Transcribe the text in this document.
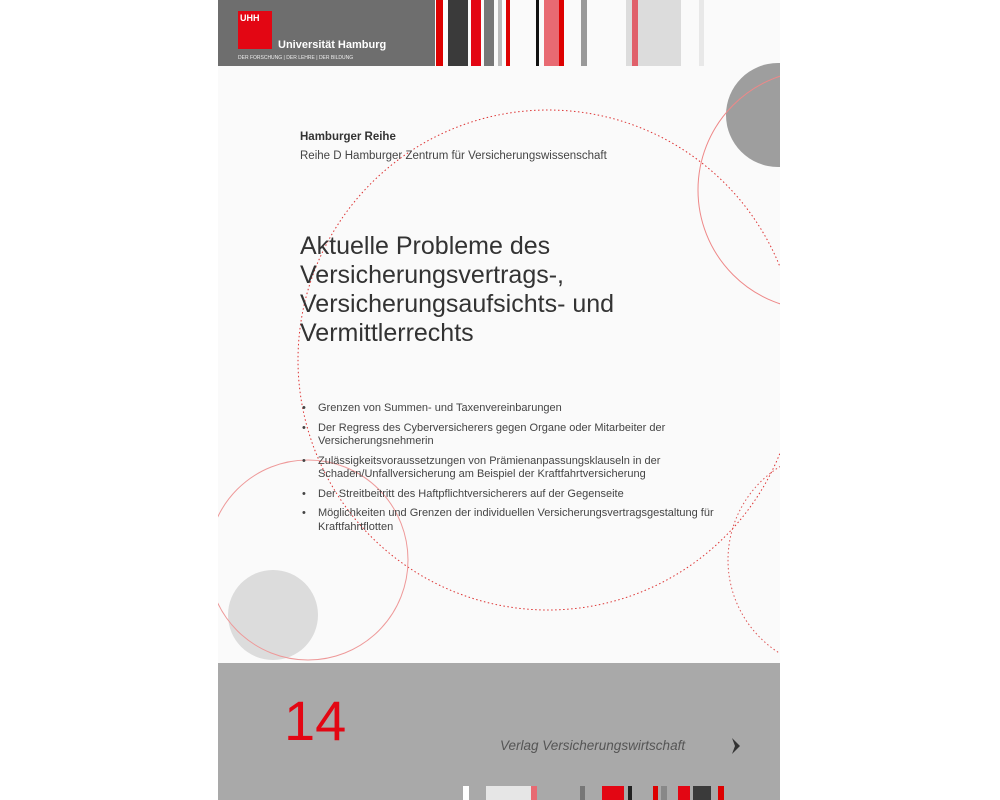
UHH
Universität Hamburg
DER FORSCHUNG | DER LEHRE | DER BILDUNG
Hamburger Reihe
Reihe D Hamburger Zentrum für Versicherungswissenschaft
Aktuelle Probleme des Versicherungsvertrags-, Versicherungsaufsichts- und Vermittlerrechts
• Grenzen von Summen- und Taxenvereinbarungen
• Der Regress des Cyberversicherers gegen Organe oder Mitarbeiter der Versicherungsnehmerin
• Zulässigkeitsvoraussetzungen von Prämienanpassungsklauseln in der Schaden/Unfallversicherung am Beispiel der Kraftfahrtversicherung
• Der Streitbeitritt des Haftpflichtversicherers auf der Gegenseite
• Möglichkeiten und Grenzen der individuellen Versicherungsvertragsgestaltung für Kraftfahrtflotten
14	Verlag Versicherungswirtschaft
